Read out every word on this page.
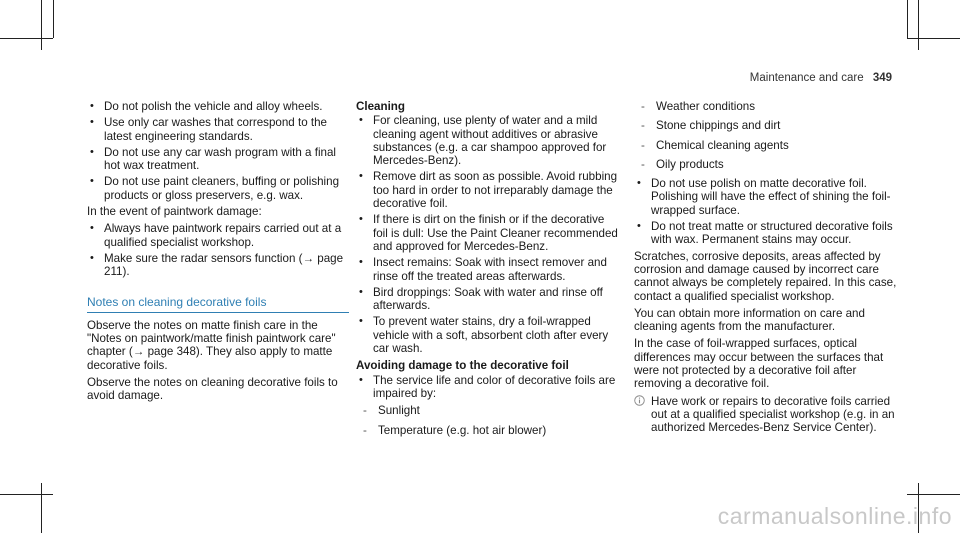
Maintenance and care 349
• Do not polish the vehicle and alloy wheels.
• Use only car washes that correspond to the latest engineering standards.
• Do not use any car wash program with a final hot wax treatment.
• Do not use paint cleaners, buffing or polishing products or gloss preservers, e.g. wax.

In the event of paintwork damage:

• Always have paintwork repairs carried out at a qualified specialist workshop.
• Make sure the radar sensors function (→ page 211).
Notes on cleaning decorative foils

Observe the notes on matte finish care in the "Notes on paintwork/matte finish paintwork care" chapter (→ page 348). They also apply to matte decorative foils.

Observe the notes on cleaning decorative foils to avoid damage.

Cleaning
• For cleaning, use plenty of water and a mild cleaning agent without additives or abrasive substances (e.g. a car shampoo approved for Mercedes-Benz).
• Remove dirt as soon as possible. Avoid rubbing too hard in order to not irreparably damage the decorative foil.
• If there is dirt on the finish or if the decorative foil is dull: Use the Paint Cleaner recommended and approved for Mercedes-Benz.
• Insect remains: Soak with insect remover and rinse off the treated areas afterwards.
• Bird droppings: Soak with water and rinse off afterwards.
• To prevent water stains, dry a foil-wrapped vehicle with a soft, absorbent cloth after every car wash.
Avoiding damage to the decorative foil
• The service life and color of decorative foils are impaired by:
- Sunlight
- Temperature (e.g. hot air blower)
- Weather conditions
- Stone chippings and dirt
- Chemical cleaning agents
- Oily products
• Do not use polish on matte decorative foil. Polishing will have the effect of shining the foil-wrapped surface.
• Do not treat matte or structured decorative foils with wax. Permanent stains may occur.

Scratches, corrosive deposits, areas affected by corrosion and damage caused by incorrect care cannot always be completely repaired. In this case, contact a qualified specialist workshop.

You can obtain more information on care and cleaning agents from the manufacturer.

In the case of foil-wrapped surfaces, optical differences may occur between the surfaces that were not protected by a decorative foil after removing a decorative foil.

Have work or repairs to decorative foils carried out at a qualified specialist workshop (e.g. in an authorized Mercedes-Benz Service Center).
carmanualsonline.info
